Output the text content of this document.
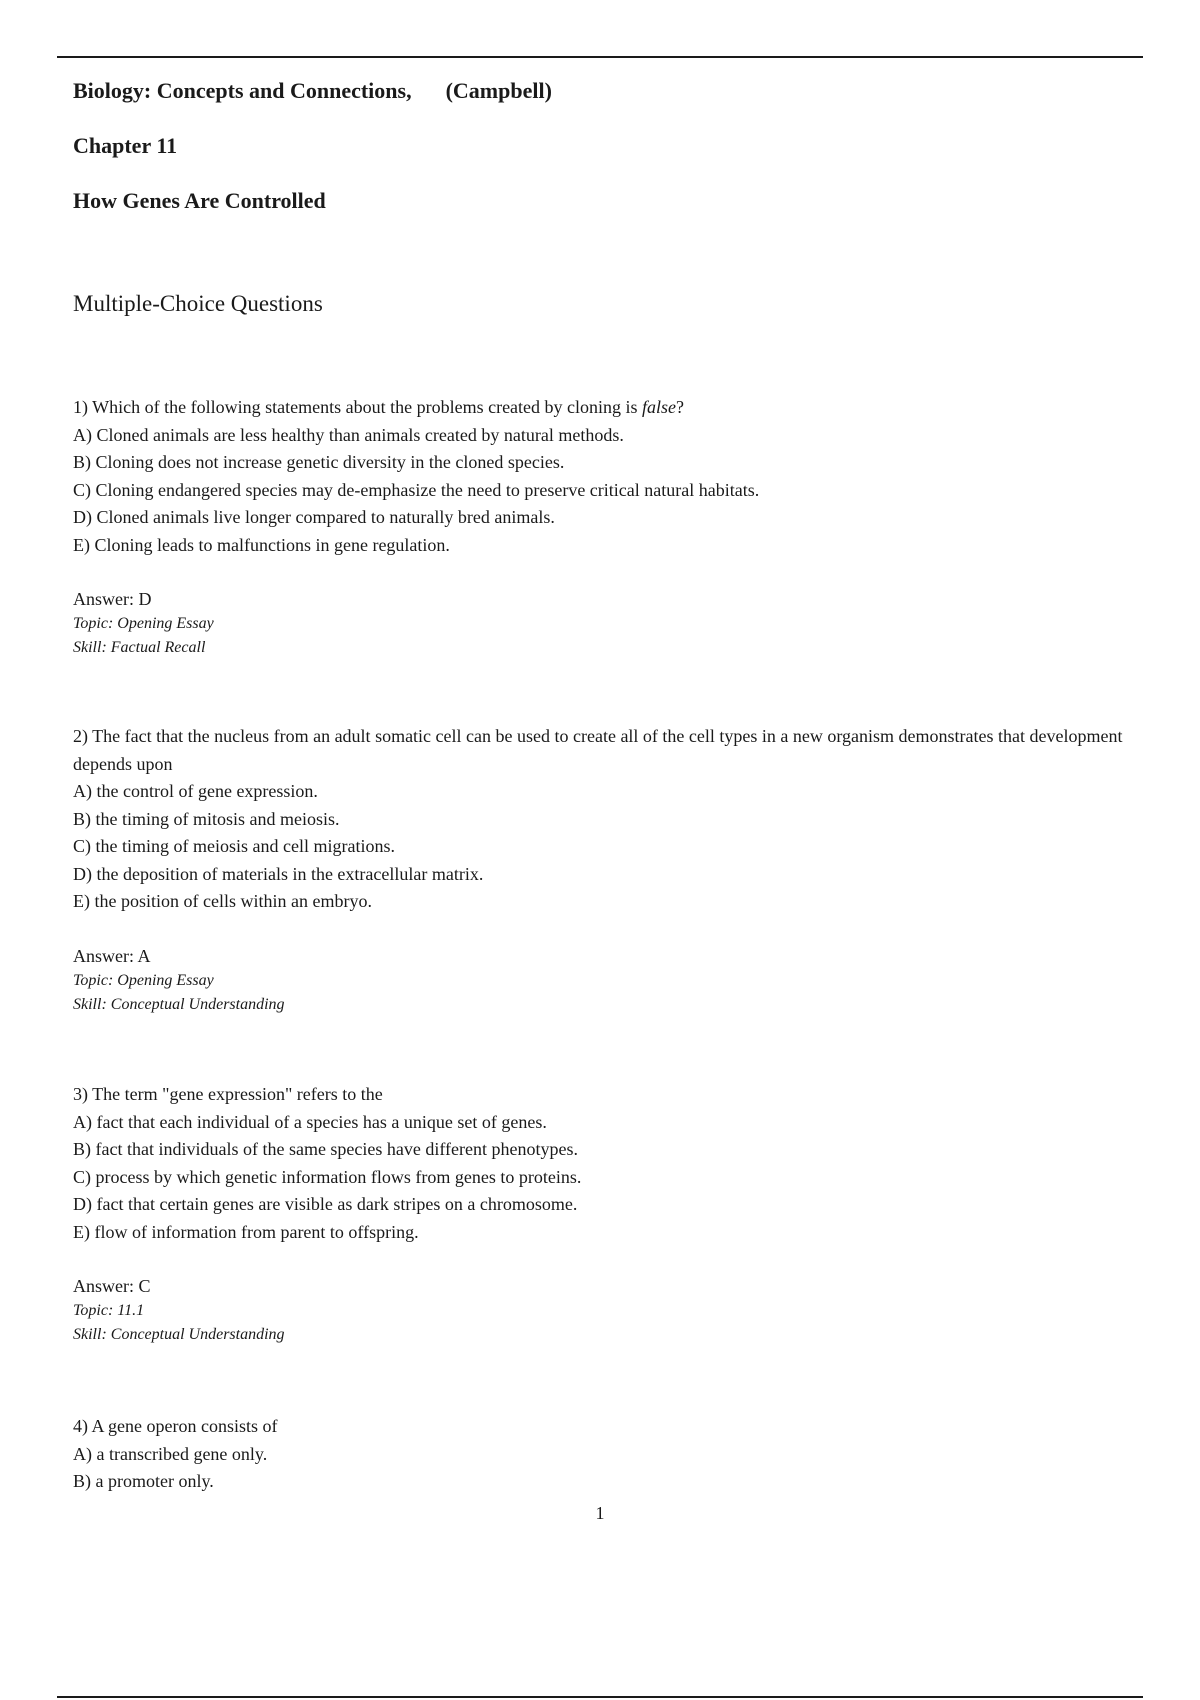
Biology: Concepts and Connections, (Campbell)
Chapter 11
How Genes Are Controlled
Multiple-Choice Questions

1) Which of the following statements about the problems created by cloning is false?

A) Cloned animals are less healthy than animals created by natural methods.

B) Cloning does not increase genetic diversity in the cloned species.

C) Cloning endangered species may de-emphasize the need to preserve critical natural habitats.

D) Cloned animals live longer compared to naturally bred animals.

E) Cloning leads to malfunctions in gene regulation.

Answer: D

Topic: Opening Essay

Skill: Factual Recall

2) The fact that the nucleus from an adult somatic cell can be used to create all of the cell types in a new organism demonstrates that development depends upon

A) the control of gene expression.

B) the timing of mitosis and meiosis.

C) the timing of meiosis and cell migrations.

D) the deposition of materials in the extracellular matrix.

E) the position of cells within an embryo.

Answer: A

Topic: Opening Essay

Skill: Conceptual Understanding

3) The term "gene expression" refers to the

A) fact that each individual of a species has a unique set of genes.

B) fact that individuals of the same species have different phenotypes.

C) process by which genetic information flows from genes to proteins.

D) fact that certain genes are visible as dark stripes on a chromosome.

E) flow of information from parent to offspring.

Answer: C

Topic: 11.1

Skill: Conceptual Understanding

4) A gene operon consists of

A) a transcribed gene only.

B) a promoter only.

1
